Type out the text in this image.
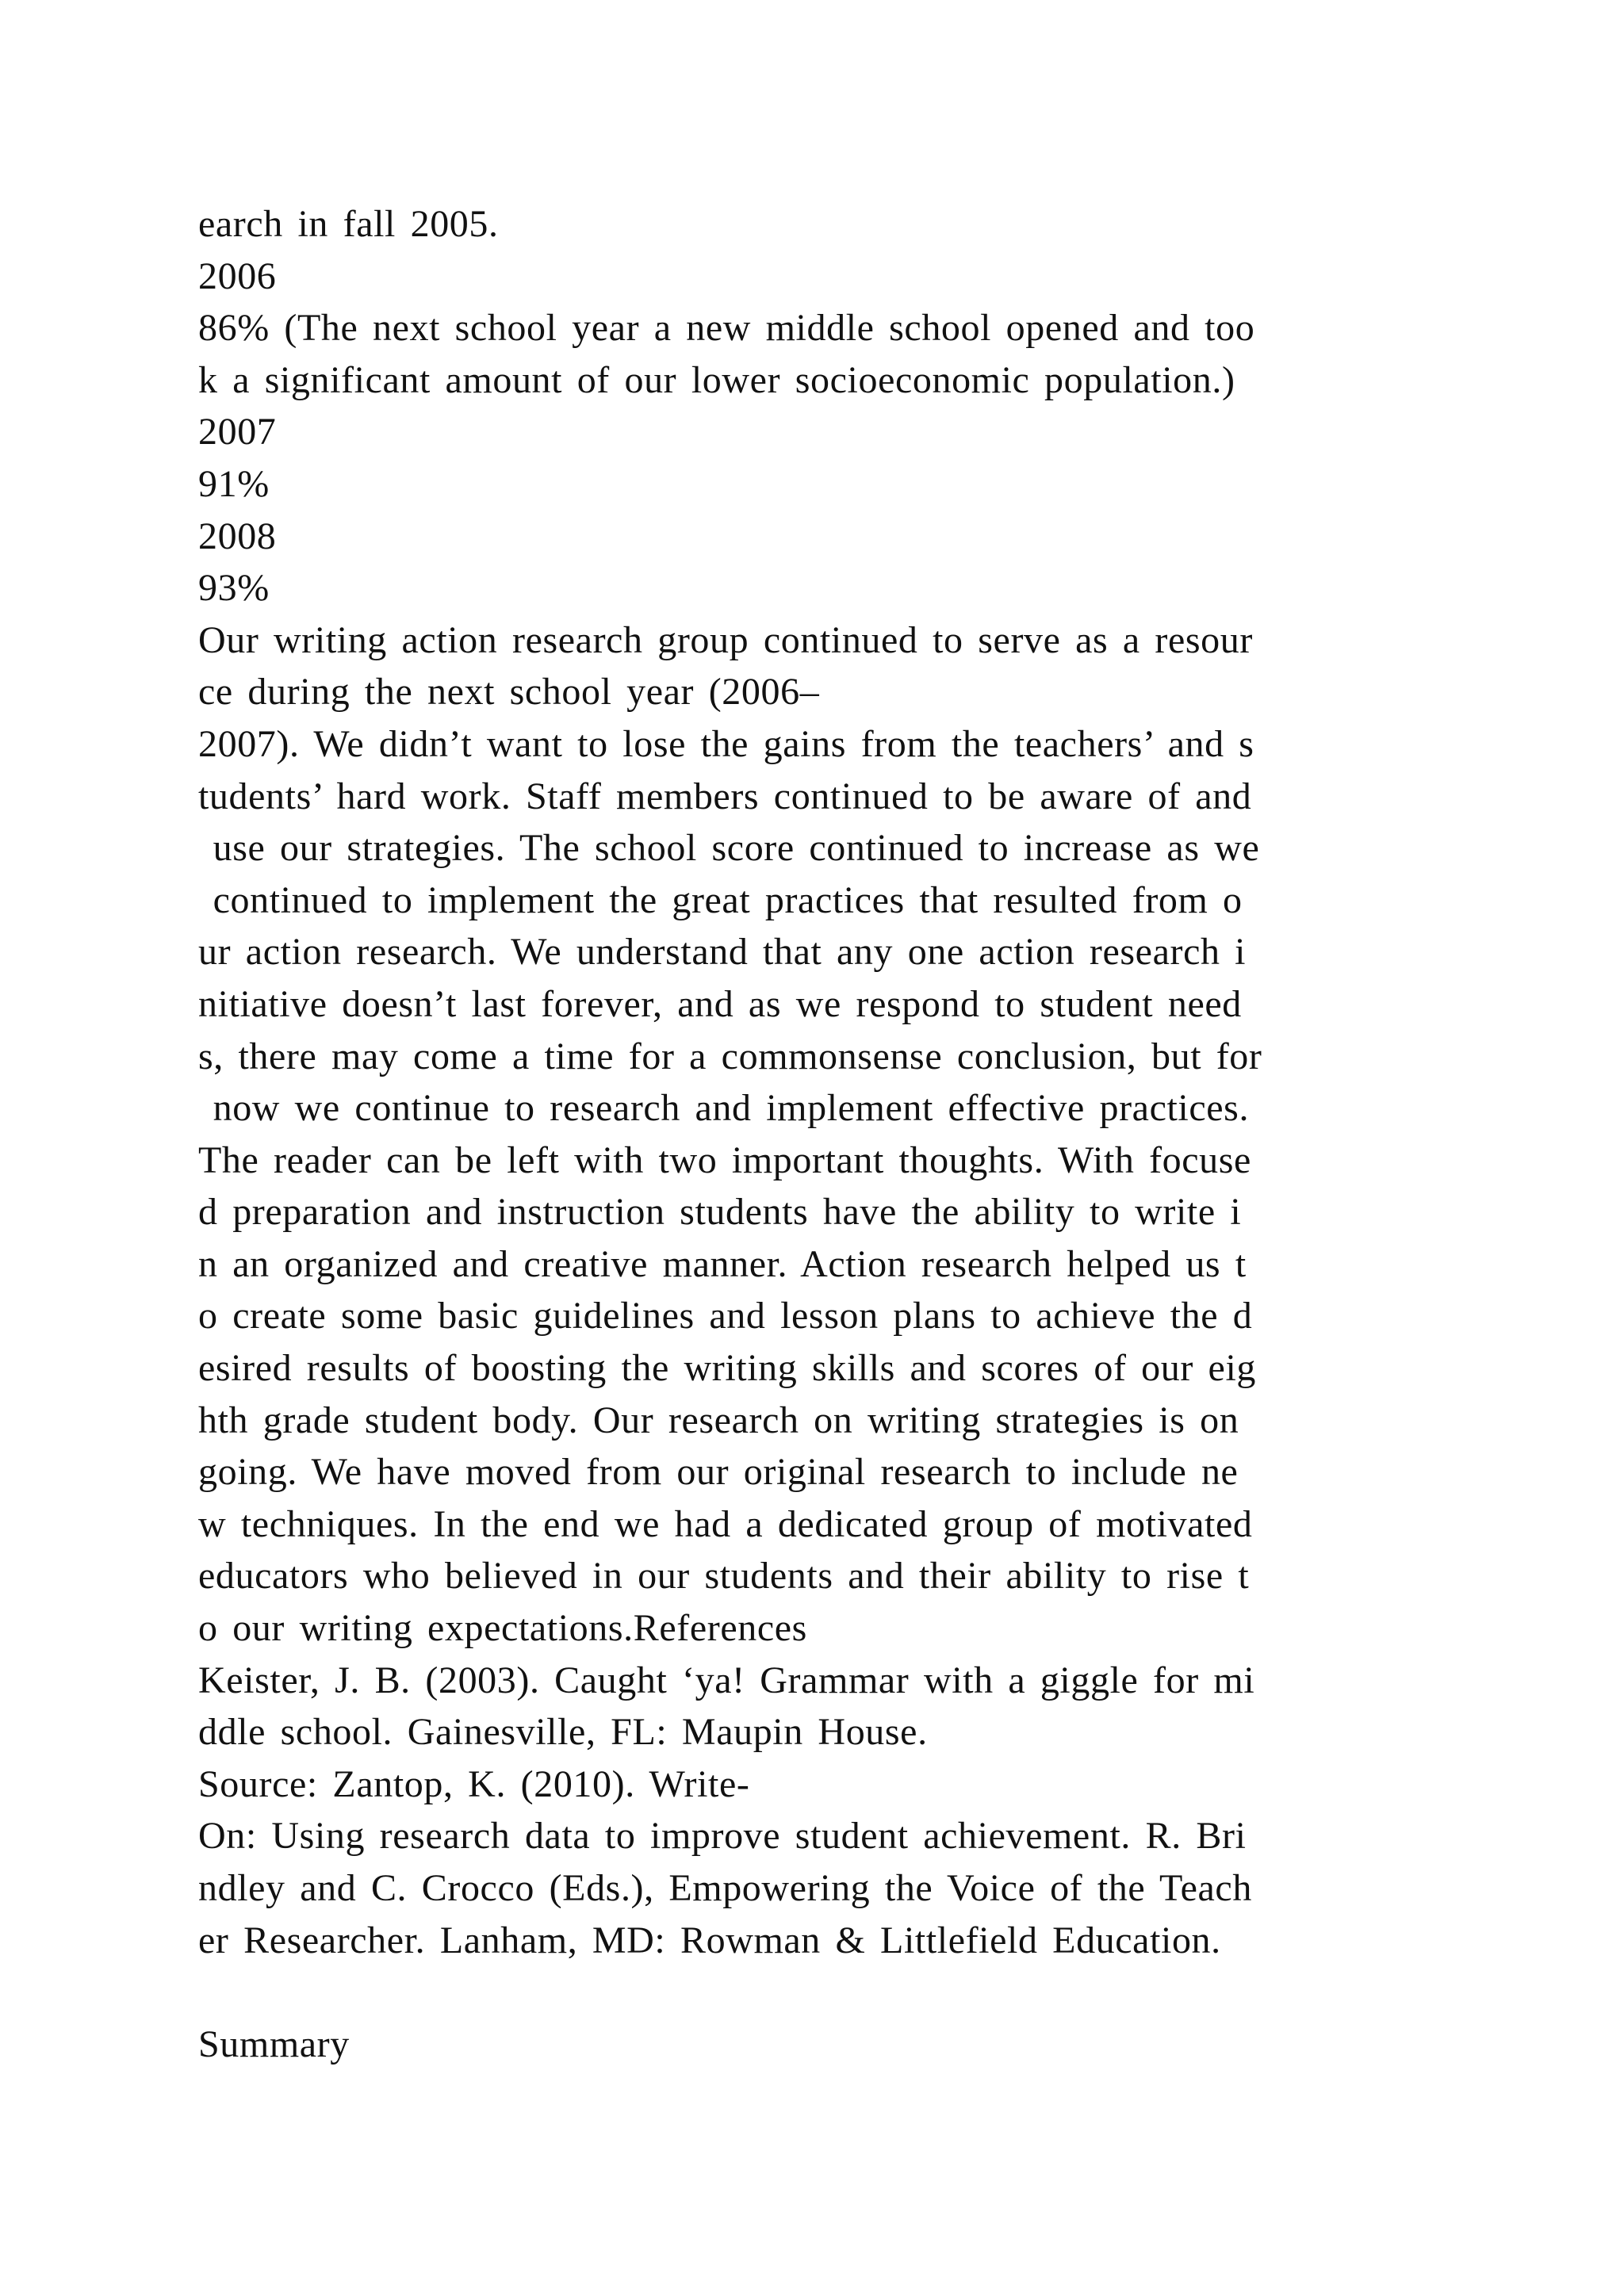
earch in fall 2005.
2006
86% (The next school year a new middle school opened and too
k a significant amount of our lower socioeconomic population.)
2007
91%
2008
93%
Our writing action research group continued to serve as a resour
ce during the next school year (2006–
2007). We didn’t want to lose the gains from the teachers’ and s
tudents’ hard work. Staff members continued to be aware of and
use our strategies. The school score continued to increase as we
continued to implement the great practices that resulted from o
ur action research. We understand that any one action research i
nitiative doesn’t last forever, and as we respond to student need
s, there may come a time for a commonsense conclusion, but for
now we continue to research and implement effective practices.
The reader can be left with two important thoughts. With focuse
d preparation and instruction students have the ability to write i
n an organized and creative manner. Action research helped us t
o create some basic guidelines and lesson plans to achieve the d
esired results of boosting the writing skills and scores of our eig
hth grade student body. Our research on writing strategies is on
going. We have moved from our original research to include ne
w techniques. In the end we had a dedicated group of motivated
educators who believed in our students and their ability to rise t
o our writing expectations.References
Keister, J. B. (2003). Caught ‘ya! Grammar with a giggle for mi
ddle school. Gainesville, FL: Maupin House.
Source: Zantop, K. (2010). Write-
On: Using research data to improve student achievement. R. Bri
ndley and C. Crocco (Eds.), Empowering the Voice of the Teach
er Researcher. Lanham, MD: Rowman & Littlefield Education.
Summary
